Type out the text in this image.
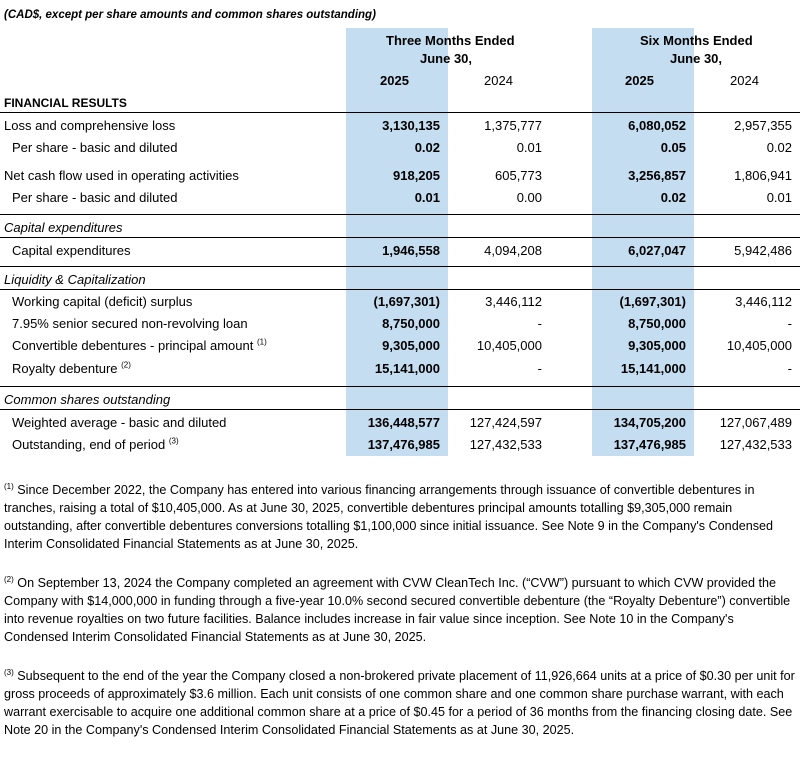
(CAD$, except per share amounts and common shares outstanding)
Three Months Ended
June 30,
Six Months Ended
June 30,
2025	2024	2025	2024
FINANCIAL RESULTS
Loss and comprehensive loss	3,130,135	1,375,777	6,080,052	2,957,355
Per share - basic and diluted	0.02	0.01	0.05	0.02
Net cash flow used in operating activities	918,205	605,773	3,256,857	1,806,941
Per share - basic and diluted	0.01	0.00	0.02	0.01
Capital expenditures
Capital expenditures	1,946,558	4,094,208	6,027,047	5,942,486
Liquidity & Capitalization
Working capital (deficit) surplus	(1,697,301)	3,446,112	(1,697,301)	3,446,112
7.95% senior secured non-revolving loan	8,750,000	-	8,750,000	-
Convertible debentures - principal amount $^{(1)}$	9,305,000	10,405,000	9,305,000	10,405,000
Royalty debenture $^{(2)}$	15,141,000	-	15,141,000	-
Common shares outstanding
Weighted average - basic and diluted	136,448,577	127,424,597	134,705,200	127,067,489
Outstanding, end of period $^{(3)}$	137,476,985	127,432,533	137,476,985	127,432,533
$^{(1)}$ Since December 2022, the Company has entered into various financing arrangements through issuance of convertible debentures in tranches, raising a total of $10,405,000. As at June 30, 2025, convertible debentures principal amounts totalling $9,305,000 remain outstanding, after convertible debentures conversions totalling $1,100,000 since initial issuance. See Note 9 in the Company's Condensed Interim Consolidated Financial Statements as at June 30, 2025.
$^{(2)}$ On September 13, 2024 the Company completed an agreement with CVW CleanTech Inc. (“CVW”) pursuant to which CVW provided the Company with $14,000,000 in funding through a five-year 10.0% second secured convertible debenture (the “Royalty Debenture”) convertible into revenue royalties on two future facilities. Balance includes increase in fair value since inception. See Note 10 in the Company's Condensed Interim Consolidated Financial Statements as at June 30, 2025.
$^{(3)}$ Subsequent to the end of the year the Company closed a non-brokered private placement of 11,926,664 units at a price of $0.30 per unit for gross proceeds of approximately $3.6 million. Each unit consists of one common share and one common share purchase warrant, with each warrant exercisable to acquire one additional common share at a price of $0.45 for a period of 36 months from the financing closing date. See Note 20 in the Company's Condensed Interim Consolidated Financial Statements as at June 30, 2025.
